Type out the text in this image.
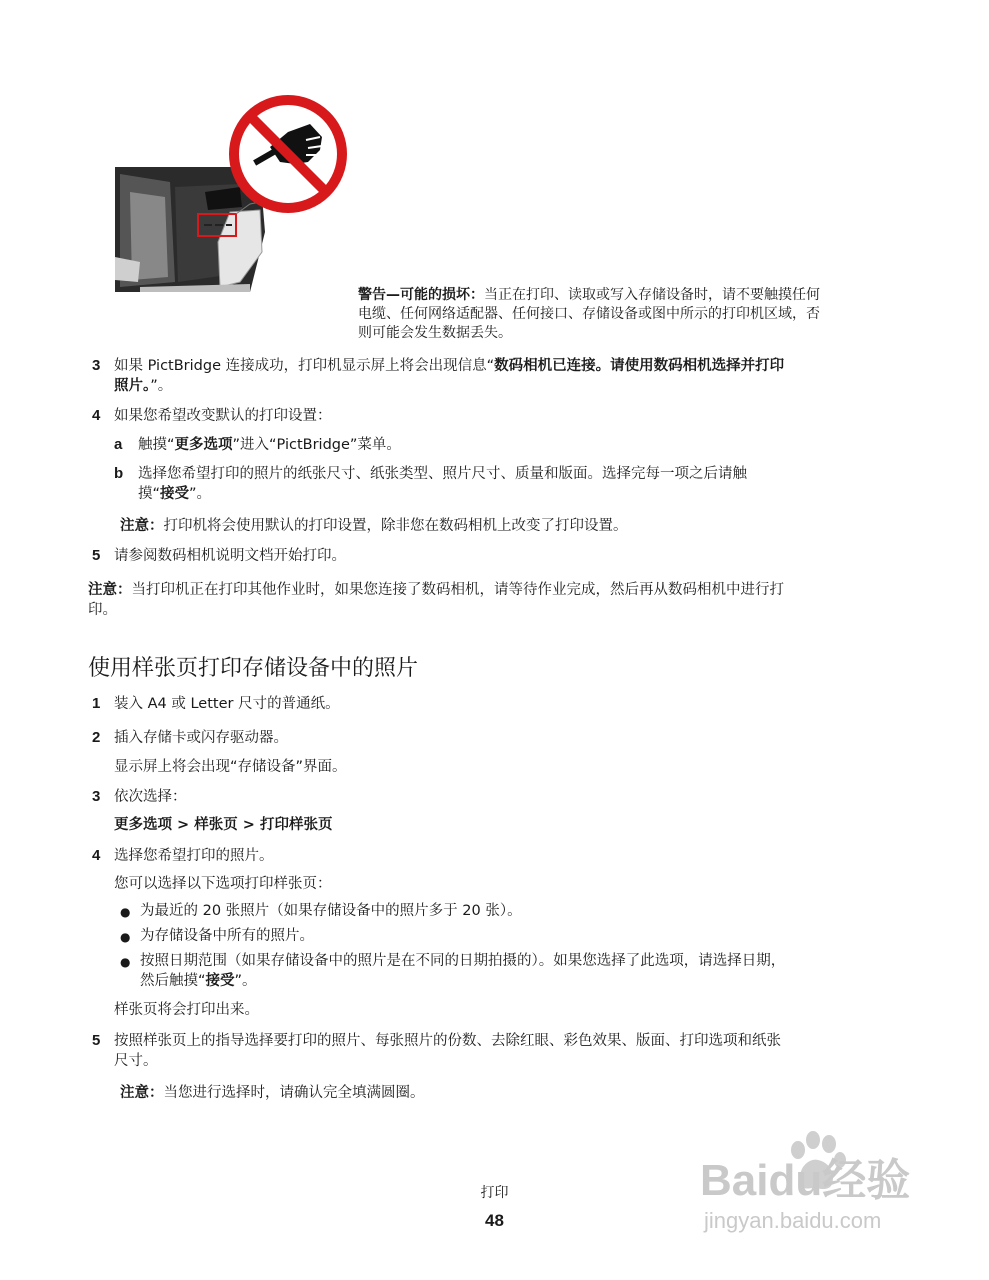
警告—可能的损坏：当正在打印、读取或写入存储设备时，请不要触摸任何
电缆、任何网络适配器、任何接口、存储设备或图中所示的打印机区域，否
则可能会发生数据丢失。
3 如果 PictBridge 连接成功，打印机显示屏上将会出现信息“数码相机已连接。请使用数码相机选择并打印
照片。”。
4 如果您希望改变默认的打印设置：
a 触摸“更多选项”进入“PictBridge”菜单。
b 选择您希望打印的照片的纸张尺寸、纸张类型、照片尺寸、质量和版面。选择完每一项之后请触
摸“接受”。
注意：打印机将会使用默认的打印设置，除非您在数码相机上改变了打印设置。
5 请参阅数码相机说明文档开始打印。
注意：当打印机正在打印其他作业时，如果您连接了数码相机，请等待作业完成，然后再从数码相机中进行打
印。
使用样张页打印存储设备中的照片
1 装入 A4 或 Letter 尺寸的普通纸。
2 插入存储卡或闪存驱动器。
显示屏上将会出现“存储设备”界面。
3 依次选择：
更多选项 > 样张页 > 打印样张页
4 选择您希望打印的照片。
您可以选择以下选项打印样张页：
● 为最近的 20 张照片（如果存储设备中的照片多于 20 张）。
● 为存储设备中所有的照片。
● 按照日期范围（如果存储设备中的照片是在不同的日期拍摄的）。如果您选择了此选项，请选择日期，
然后触摸“接受”。
样张页将会打印出来。
5 按照样张页上的指导选择要打印的照片、每张照片的份数、去除红眼、彩色效果、版面、打印选项和纸张
尺寸。
注意：当您进行选择时，请确认完全填满圆圈。
打印
48
Baidu经验
jingyan.baidu.com
